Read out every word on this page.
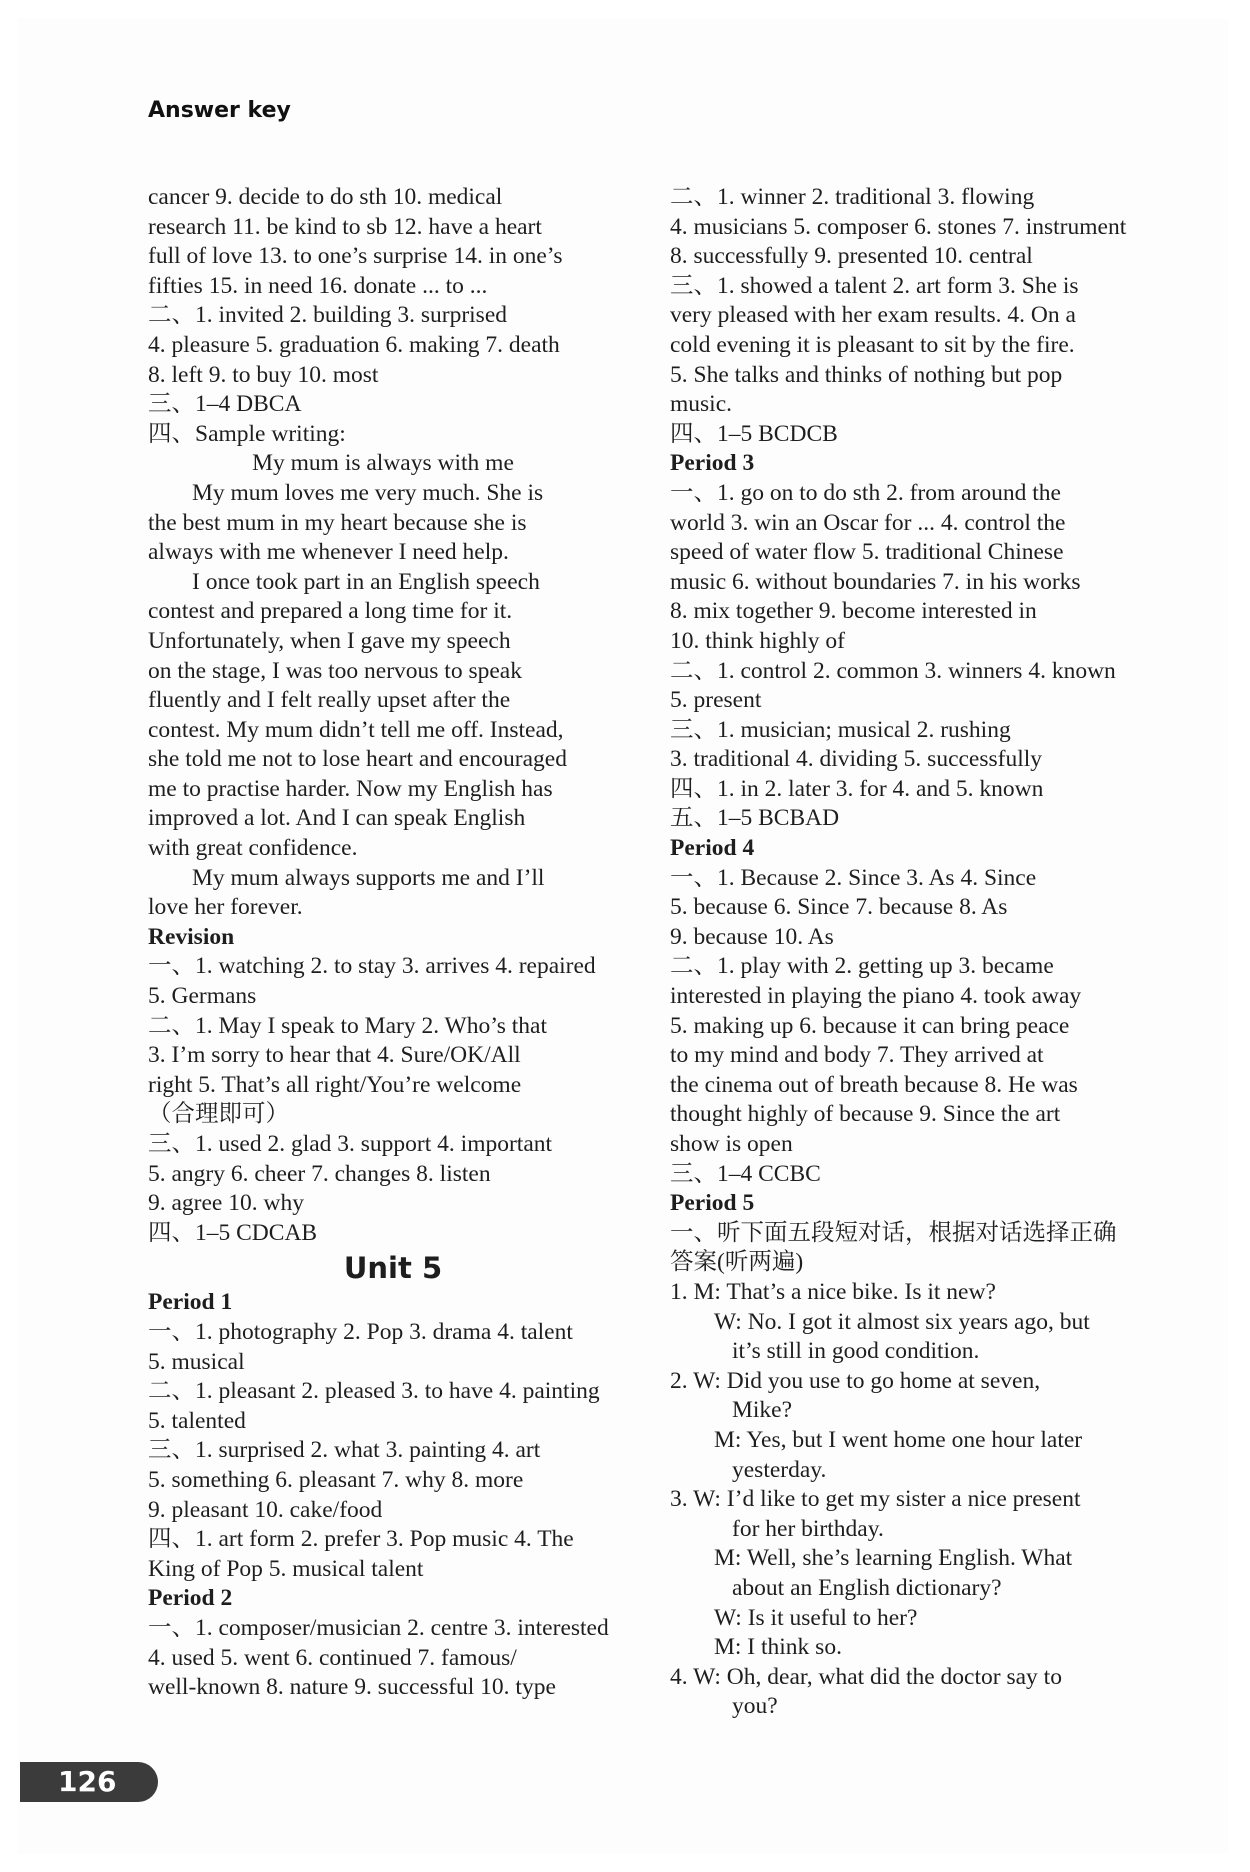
Answer key

cancer 9. decide to do sth 10. medical

research 11. be kind to sb 12. have a heart

full of love 13. to one’s surprise 14. in one’s

fifties 15. in need 16. donate ... to ...

二、1. invited 2. building 3. surprised

4. pleasure 5. graduation 6. making 7. death

8. left 9. to buy 10. most

三、1–4 DBCA

四、Sample writing:

My mum is always with me

My mum loves me very much. She is

the best mum in my heart because she is

always with me whenever I need help.

I once took part in an English speech

contest and prepared a long time for it.

Unfortunately, when I gave my speech

on the stage, I was too nervous to speak

fluently and I felt really upset after the

contest. My mum didn’t tell me off. Instead,

she told me not to lose heart and encouraged

me to practise harder. Now my English has

improved a lot. And I can speak English

with great confidence.

My mum always supports me and I’ll

love her forever.

Revision

一、1. watching 2. to stay 3. arrives 4. repaired

5. Germans

二、1. May I speak to Mary 2. Who’s that

3. I’m sorry to hear that 4. Sure/OK/All

right 5. That’s all right/You’re welcome

（合理即可）

三、1. used 2. glad 3. support 4. important

5. angry 6. cheer 7. changes 8. listen

9. agree 10. why

四、1–5 CDCAB

Unit 5

Period 1

一、1. photography 2. Pop 3. drama 4. talent

5. musical

二、1. pleasant 2. pleased 3. to have 4. painting

5. talented

三、1. surprised 2. what 3. painting 4. art

5. something 6. pleasant 7. why 8. more

9. pleasant 10. cake/food

四、1. art form 2. prefer 3. Pop music 4. The

King of Pop 5. musical talent

Period 2

一、1. composer/musician 2. centre 3. interested

4. used 5. went 6. continued 7. famous/

well-known 8. nature 9. successful 10. type

二、1. winner 2. traditional 3. flowing

4. musicians 5. composer 6. stones 7. instrument

8. successfully 9. presented 10. central

三、1. showed a talent 2. art form 3. She is

very pleased with her exam results. 4. On a

cold evening it is pleasant to sit by the fire.

5. She talks and thinks of nothing but pop

music.

四、1–5 BCDCB

Period 3

一、1. go on to do sth 2. from around the

world 3. win an Oscar for ... 4. control the

speed of water flow 5. traditional Chinese

music 6. without boundaries 7. in his works

8. mix together 9. become interested in

10. think highly of

二、1. control 2. common 3. winners 4. known

5. present

三、1. musician; musical 2. rushing

3. traditional 4. dividing 5. successfully

四、1. in 2. later 3. for 4. and 5. known

五、1–5 BCBAD

Period 4

一、1. Because 2. Since 3. As 4. Since

5. because 6. Since 7. because 8. As

9. because 10. As

二、1. play with 2. getting up 3. became

interested in playing the piano 4. took away

5. making up 6. because it can bring peace

to my mind and body 7. They arrived at

the cinema out of breath because 8. He was

thought highly of because 9. Since the art

show is open

三、1–4 CCBC

Period 5

一、听下面五段短对话，根据对话选择正确

答案(听两遍)

1. M: That’s a nice bike. Is it new?

W: No. I got it almost six years ago, but

it’s still in good condition.

2. W: Did you use to go home at seven,

Mike?

M: Yes, but I went home one hour later

yesterday.

3. W: I’d like to get my sister a nice present

for her birthday.

M: Well, she’s learning English. What

about an English dictionary?

W: Is it useful to her?

M: I think so.

4. W: Oh, dear, what did the doctor say to

you?

126
